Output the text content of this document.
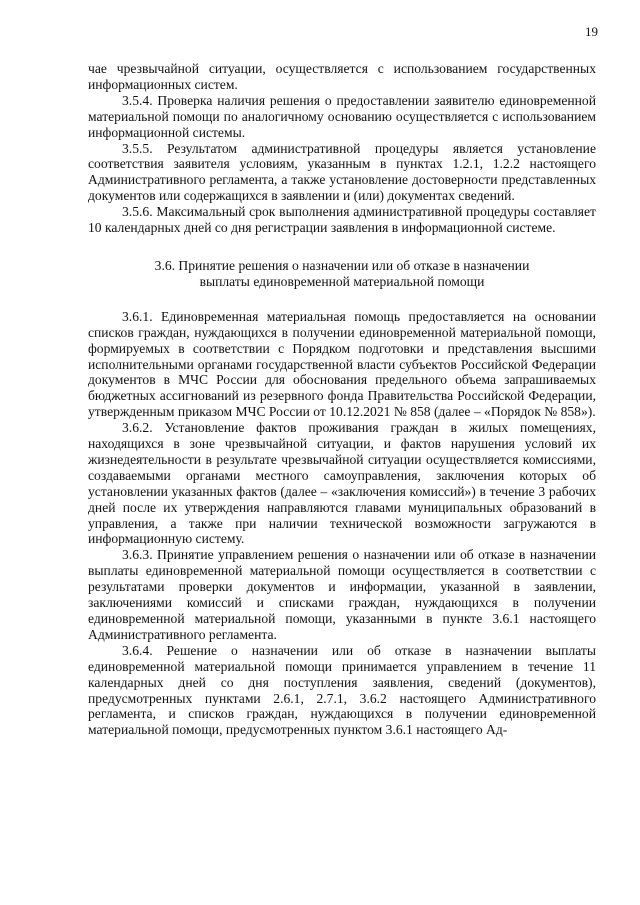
19

чае чрезвычайной ситуации, осуществляется с использованием государственных информационных систем.

3.5.4. Проверка наличия решения о предоставлении заявителю единовременной материальной помощи по аналогичному основанию осуществляется с использованием информационной системы.

3.5.5. Результатом административной процедуры является установление соответствия заявителя условиям, указанным в пунктах 1.2.1, 1.2.2 настоящего Административного регламента, а также установление достоверности представленных документов или содержащихся в заявлении и (или) документах сведений.

3.5.6. Максимальный срок выполнения административной процедуры составляет 10 календарных дней со дня регистрации заявления в информационной системе.

3.6. Принятие решения о назначении или об отказе в назначении
выплаты единовременной материальной помощи

3.6.1. Единовременная материальная помощь предоставляется на основании списков граждан, нуждающихся в получении единовременной материальной помощи, формируемых в соответствии с Порядком подготовки и представления высшими исполнительными органами государственной власти субъектов Российской Федерации документов в МЧС России для обоснования предельного объема запрашиваемых бюджетных ассигнований из резервного фонда Правительства Российской Федерации, утвержденным приказом МЧС России от 10.12.2021 № 858 (далее – «Порядок № 858»).

3.6.2. Установление фактов проживания граждан в жилых помещениях, находящихся в зоне чрезвычайной ситуации, и фактов нарушения условий их жизнедеятельности в результате чрезвычайной ситуации осуществляется комиссиями, создаваемыми органами местного самоуправления, заключения которых об установлении указанных фактов (далее – «заключения комиссий») в течение 3 рабочих дней после их утверждения направляются главами муниципальных образований в управления, а также при наличии технической возможности загружаются в информационную систему.

3.6.3. Принятие управлением решения о назначении или об отказе в назначении выплаты единовременной материальной помощи осуществляется в соответствии с результатами проверки документов и информации, указанной в заявлении, заключениями комиссий и списками граждан, нуждающихся в получении единовременной материальной помощи, указанными в пункте 3.6.1 настоящего Административного регламента.

3.6.4. Решение о назначении или об отказе в назначении выплаты единовременной материальной помощи принимается управлением в течение 11 календарных дней со дня поступления заявления, сведений (документов), предусмотренных пунктами 2.6.1, 2.7.1, 3.6.2 настоящего Административного регламента, и списков граждан, нуждающихся в получении единовременной материальной помощи, предусмотренных пунктом 3.6.1 настоящего Ад-
